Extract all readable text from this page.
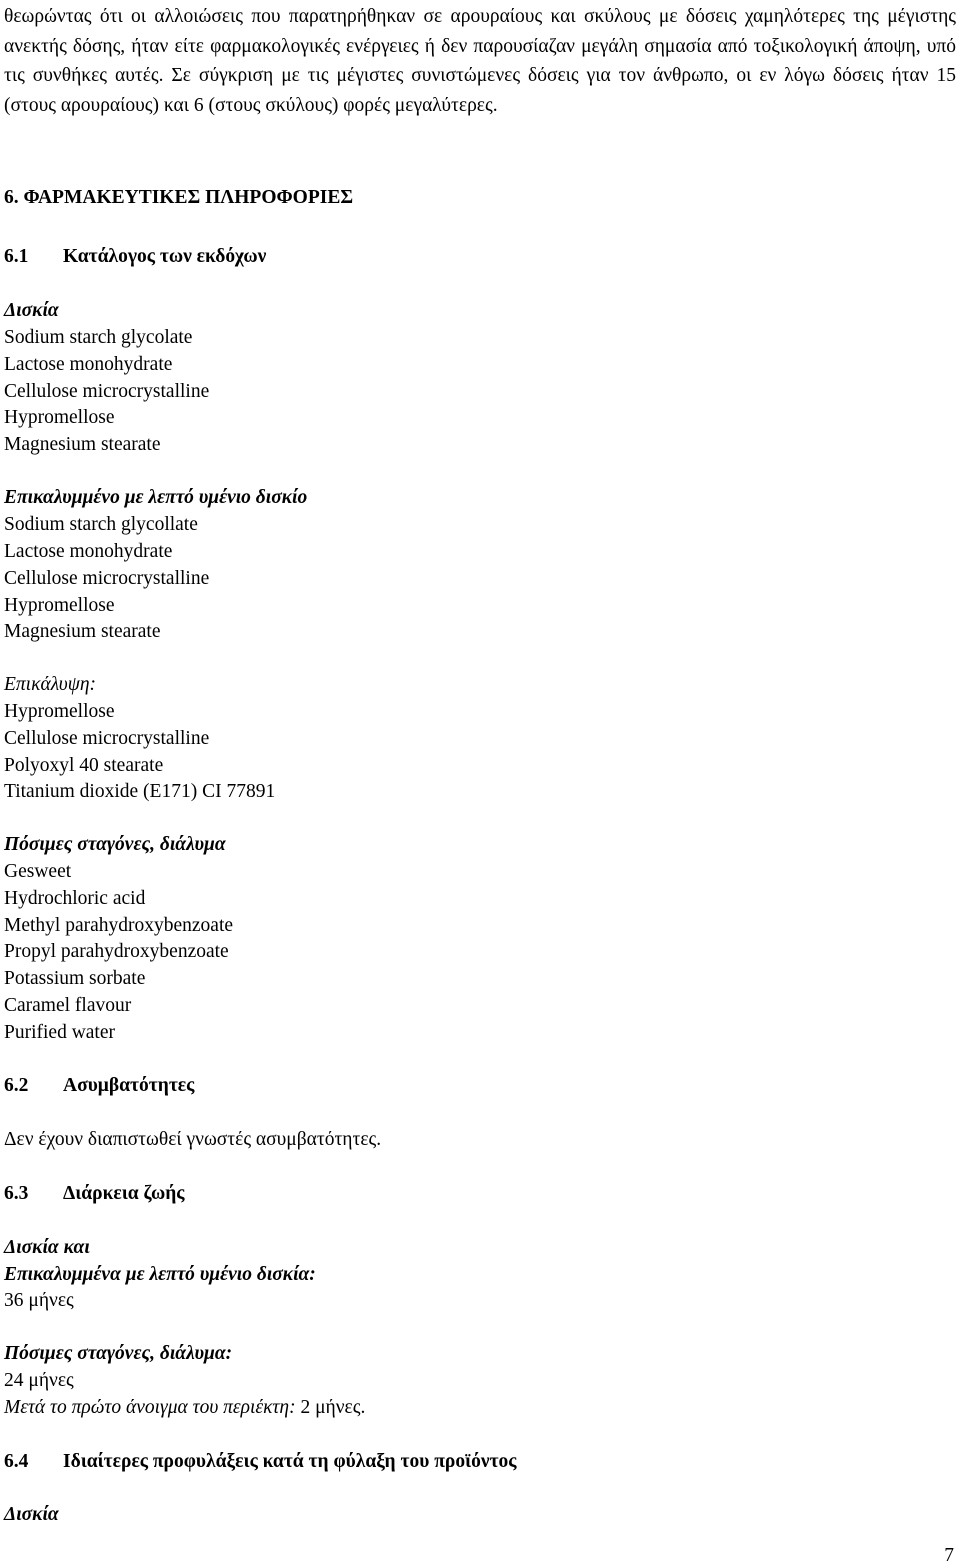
θεωρώντας ότι οι αλλοιώσεις που παρατηρήθηκαν σε αρουραίους και σκύλους με δόσεις χαμηλότερες της μέγιστης ανεκτής δόσης, ήταν είτε φαρμακολογικές ενέργειες ή δεν παρουσίαζαν μεγάλη σημασία από τοξικολογική άποψη, υπό τις συνθήκες αυτές. Σε σύγκριση με τις μέγιστες συνιστώμενες δόσεις για τον άνθρωπο, οι εν λόγω δόσεις ήταν 15 (στους αρουραίους) και 6 (στους σκύλους) φορές μεγαλύτερες.

6. ΦΑΡΜΑΚΕΥΤΙΚΕΣ ΠΛΗΡΟΦΟΡΙΕΣ
6.1 Κατάλογος των εκδόχων
Δισκία
Sodium starch glycolate
Lactose monohydrate
Cellulose microcrystalline
Hypromellose
Magnesium stearate
Επικαλυμμένο με λεπτό υμένιο δισκίο
Sodium starch glycollate
Lactose monohydrate
Cellulose microcrystalline
Hypromellose
Magnesium stearate
Επικάλυψη:
Hypromellose
Cellulose microcrystalline
Polyoxyl 40 stearate
Titanium dioxide (E171) CI 77891
Πόσιμες σταγόνες, διάλυμα
Gesweet
Hydrochloric acid
Methyl parahydroxybenzoate
Propyl parahydroxybenzoate
Potassium sorbate
Caramel flavour
Purified water
6.2 Ασυμβατότητες
Δεν έχουν διαπιστωθεί γνωστές ασυμβατότητες.
6.3 Διάρκεια ζωής
Δισκία και
Επικαλυμμένα με λεπτό υμένιο δισκία:
36 μήνες
Πόσιμες σταγόνες, διάλυμα:
24 μήνες
Μετά το πρώτο άνοιγμα του περιέκτη: 2 μήνες.
6.4 Ιδιαίτερες προφυλάξεις κατά τη φύλαξη του προϊόντος
Δισκία
7
